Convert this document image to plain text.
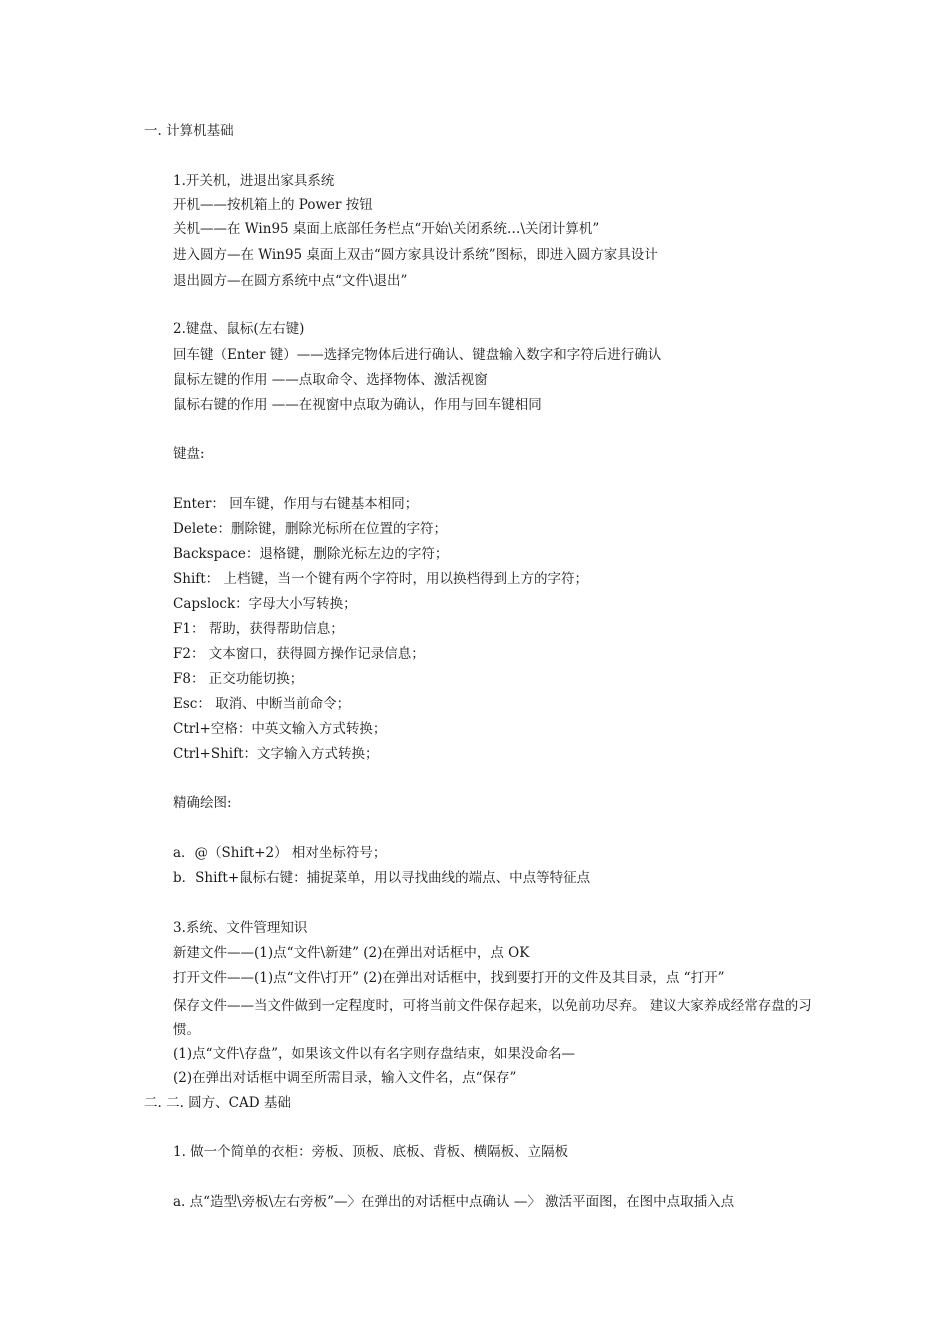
一. 计算机基础
1.开关机，进退出家具系统
开机——按机箱上的 Power 按钮
关机——在 Win95 桌面上底部任务栏点“开始\关闭系统…\关闭计算机”
进入圆方—在 Win95 桌面上双击“圆方家具设计系统”图标，即进入圆方家具设计
退出圆方—在圆方系统中点“文件\退出”
2.键盘、鼠标(左右键)
回车键（Enter 键）——选择完物体后进行确认、键盘输入数字和字符后进行确认
鼠标左键的作用 ——点取命令、选择物体、激活视窗
鼠标右键的作用 ——在视窗中点取为确认，作用与回车键相同
键盘:
Enter： 回车键，作用与右键基本相同；
Delete：删除键，删除光标所在位置的字符；
Backspace：退格键，删除光标左边的字符；
Shift： 上档键，当一个键有两个字符时，用以换档得到上方的字符；
Capslock：字母大小写转换；
F1： 帮助，获得帮助信息；
F2： 文本窗口，获得圆方操作记录信息；
F8： 正交功能切换；
Esc： 取消、中断当前命令；
Ctrl+空格：中英文输入方式转换；
Ctrl+Shift：文字输入方式转换；
精确绘图:
a．@（Shift+2） 相对坐标符号；
b．Shift+鼠标右键：捕捉菜单，用以寻找曲线的端点、中点等特征点
3.系统、文件管理知识
新建文件——(1)点“文件\新建” (2)在弹出对话框中，点 OK
打开文件——(1)点“文件\打开” (2)在弹出对话框中，找到要打开的文件及其目录，点 “打开”
保存文件——当文件做到一定程度时，可将当前文件保存起来，以免前功尽弃。 建议大家养成经常存盘的习惯。
(1)点“文件\存盘”，如果该文件以有名字则存盘结束，如果没命名—
(2)在弹出对话框中调至所需目录，输入文件名，点“保存”
二. 二. 圆方、CAD 基础
1. 做一个简单的衣柜：旁板、顶板、底板、背板、横隔板、立隔板
a. 点“造型\旁板\左右旁板”—〉在弹出的对话框中点确认 —〉 激活平面图，在图中点取插入点
